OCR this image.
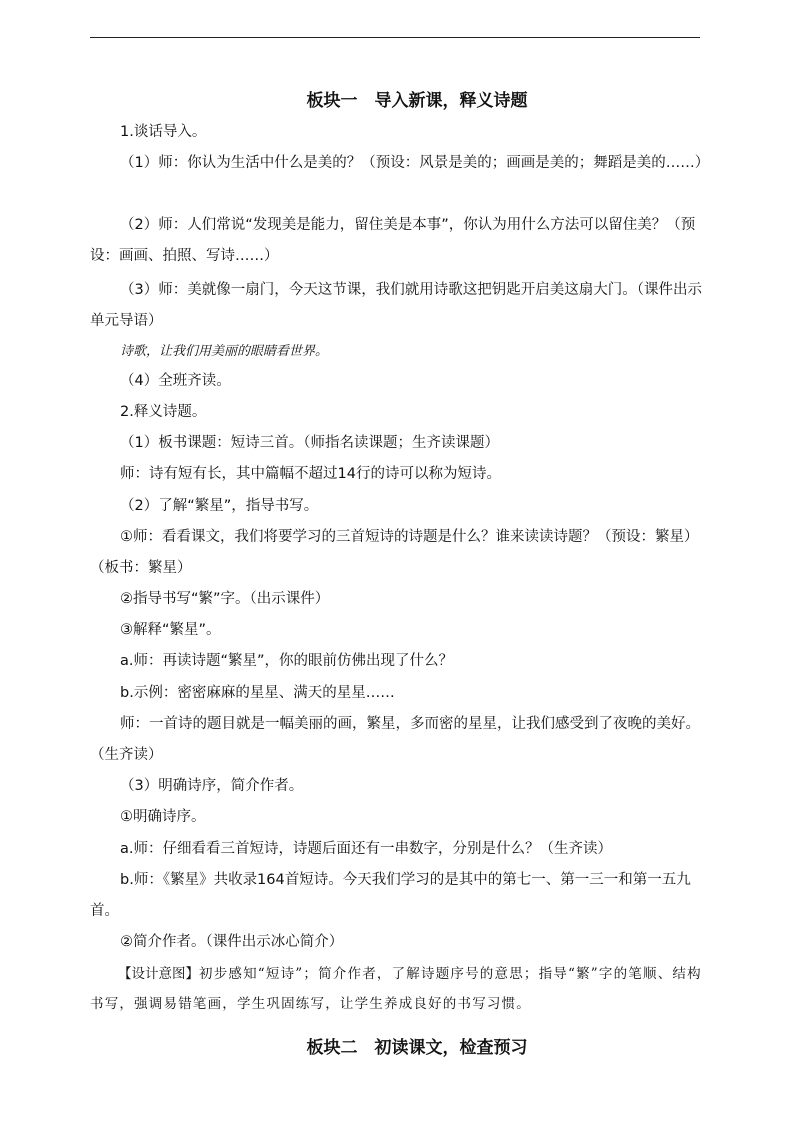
板块一　导入新课，释义诗题
1.谈话导入。
（1）师：你认为生活中什么是美的？（预设：风景是美的；画画是美的；舞蹈是美的……）
（2）师：人们常说“发现美是能力，留住美是本事”，你认为用什么方法可以留住美？（预设：画画、拍照、写诗……）
（3）师：美就像一扇门，今天这节课，我们就用诗歌这把钥匙开启美这扇大门。（课件出示单元导语）
诗歌，让我们用美丽的眼睛看世界。
（4）全班齐读。
2.释义诗题。
（1）板书课题：短诗三首。（师指名读课题；生齐读课题）
师：诗有短有长，其中篇幅不超过14行的诗可以称为短诗。
（2）了解“繁星”，指导书写。
①师：看看课文，我们将要学习的三首短诗的诗题是什么？谁来读读诗题？（预设：繁星）（板书：繁星）
②指导书写“繁”字。（出示课件）
③解释“繁星”。
a.师：再读诗题“繁星”，你的眼前仿佛出现了什么？
b.示例：密密麻麻的星星、满天的星星……
师：一首诗的题目就是一幅美丽的画，繁星，多而密的星星，让我们感受到了夜晚的美好。（生齐读）
（3）明确诗序，简介作者。
①明确诗序。
a.师：仔细看看三首短诗，诗题后面还有一串数字，分别是什么？（生齐读）
b.师：《繁星》共收录164首短诗。今天我们学习的是其中的第七一、第一三一和第一五九首。
②简介作者。（课件出示冰心简介）
【设计意图】初步感知“短诗”；简介作者，了解诗题序号的意思；指导“繁”字的笔顺、结构书写，强调易错笔画，学生巩固练写，让学生养成良好的书写习惯。
板块二　初读课文，检查预习
